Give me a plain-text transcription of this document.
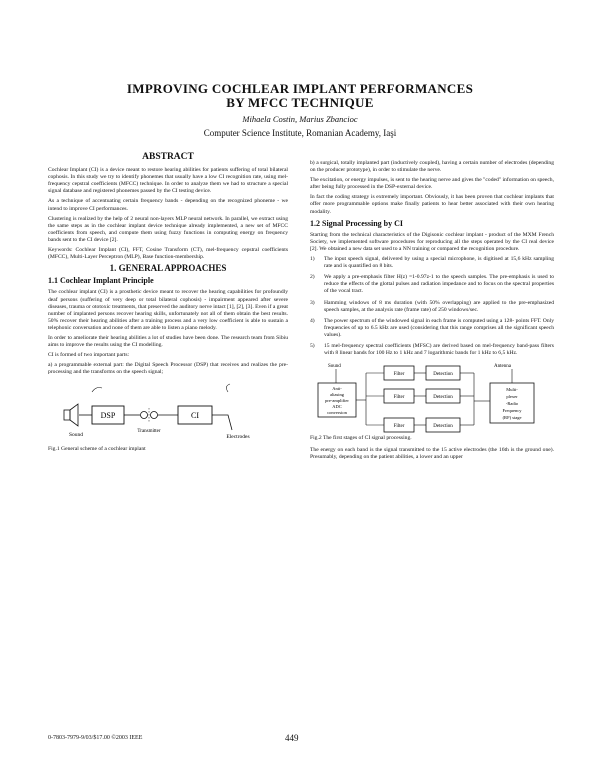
IMPROVING COCHLEAR IMPLANT PERFORMANCES
BY MFCC TECHNIQUE
Mihaela Costin, Marius Zbancioc
Computer Science Institute, Romanian Academy, Iaşi
ABSTRACT

Cochlear Implant (CI) is a device meant to restore hearing abilities for patients suffering of total bilateral cophosis. In this study we try to identify phonemes that usually have a low CI recognition rate, using mel-frequency cepstral coefficients (MFCC) technique. In order to analyze them we had to structure a special signal database and registered phonemes passed by the CI testing device.

As a technique of accentuating certain frequency bands - depending on the recognized phoneme - we intend to improve CI performances.

Clustering is realized by the help of 2 neural non-layers MLP neural network. In parallel, we extract using the same steps as in the cochlear implant device technique already implemented, a new set of MFCC coefficients from speech, and compute them using fuzzy functions in computing energy on frequency bands sent to the CI device [2].

Keywords: Cochlear Implant (CI), FFT, Cosine Transform (CT), mel-frequency cepstral coefficients (MFCC), Multi-Layer Perceptron (MLP), Base function-membership.

1. GENERAL APPROACHES
1.1 Cochlear Implant Principle

The cochlear implant (CI) is a prosthetic device meant to recover the hearing capabilities for profoundly deaf persons (suffering of very deep or total bilateral cophosis) - impairment appeared after severe diseases, trauma or ototoxic treatments, that preserved the auditory nerve intact [1], [2], [3]. Even if a great number of implanted persons recover hearing skills, unfortunately not all of them obtain the best results. 50% recover their hearing abilities after a training process and a very low coefficient is able to sustain a telephonic conversation and none of them are able to listen a piano melody.

In order to ameliorate their hearing abilities a lot of studies have been done. The research team from Sibiu aims to improve the results using the CI modelling.

CI is formed of two important parts:

a) a programmable external part: the Digital Speech Processor (DSP) that receives and realizes the pre-processing and the transforms on the speech signal;

DSP	CI
Sound
Transmitter
Electrodes
Fig.1 General scheme of a cochlear implant

b) a surgical, totally implanted part (inductively coupled), having a certain number of electrodes (depending on the producer prototype), in order to stimulate the nerve.

The excitation, or energy impulses, is sent to the hearing nerve and gives the "coded" information on speech, after being fully processed in the DSP-external device.

In fact the coding strategy is extremely important. Obviously, it has been proven that cochlear implants that offer more programmable options make finally patients to hear better associated with their own hearing modality.

1.2 Signal Processing by CI

Starting from the technical characteristics of the Digisonic cochlear implant - product of the MXM French Society, we implemented software procedures for reproducing all the steps operated by the CI real device [2]. We obtained a new data set used to a NN training or compared the recognition procedure.

1) The input speech signal, delivered by using a special microphone, is digitised at 15,6 kHz sampling rate and is quantified on 8 bits.
2) We apply a pre-emphasis filter H(z) =1-0.97z-1 to the speech samples. The pre-emphasis is used to reduce the effects of the glottal pulses and radiation impedance and to focus on the spectral properties of the vocal tract.
3) Hamming windows of 8 ms duration (with 50% overlapping) are applied to the pre-emphasized speech samples, at the analysis rate (frame rate) of 250 windows/sec.
4) The power spectrum of the windowed signal in each frame is computed using a 128- points FFT. Only frequencies of up to 6.5 kHz are used (considering that this range comprises all the significant speech values).
5) 15 mel-frequency spectral coefficients (MFSC) are derived based on mel-frequency band-pass filters with 8 linear bands for 100 Hz to 1 kHz and 7 logarithmic bands for 1 kHz to 6,5 kHz.
Sound
Anti-
aliasing
pre-amplifier
ADC
conversion
Filter	Detection
Filter	Detection
Filter	Detection
Antenna
Multi-
plexer
-Radio
Frequency
(RF) stage
Fig.2 The first stages of CI signal processing.

The energy on each band is the signal transmitted to the 15 active electrodes (the 16th is the ground one). Presumably, depending on the patient abilities, a lower and an upper

0-7803-7979-9/03/$17.00 ©2003 IEEE	449
